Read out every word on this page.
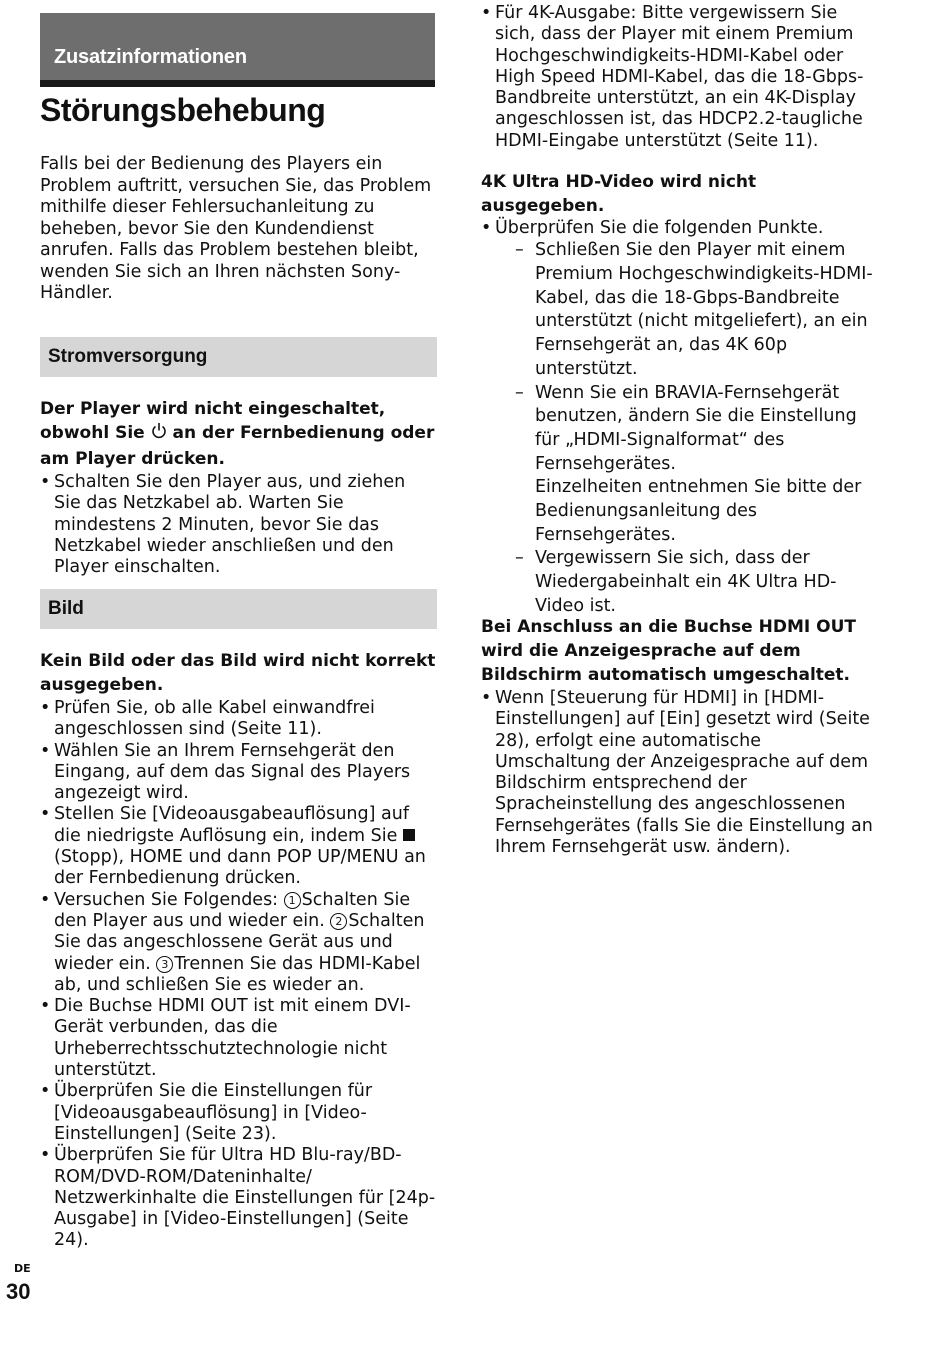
Zusatzinformationen
Störungsbehebung

Falls bei der Bedienung des Players ein Problem auftritt, versuchen Sie, das Problem mithilfe dieser Fehlersuchanleitung zu beheben, bevor Sie den Kundendienst anrufen. Falls das Problem bestehen bleibt, wenden Sie sich an Ihren nächsten Sony-Händler.

Stromversorgung

Der Player wird nicht eingeschaltet, obwohl Sie  an der Fernbedienung oder am Player drücken.

• Schalten Sie den Player aus, und ziehen Sie das Netzkabel ab. Warten Sie mindestens 2 Minuten, bevor Sie das Netzkabel wieder anschließen und den Player einschalten.
Bild

Kein Bild oder das Bild wird nicht korrekt ausgegeben.

• Prüfen Sie, ob alle Kabel einwandfrei angeschlossen sind (Seite 11).
• Wählen Sie an Ihrem Fernsehgerät den Eingang, auf dem das Signal des Players angezeigt wird.
• Stellen Sie [Videoausgabeauflösung] auf die niedrigste Auflösung ein, indem Sie (Stopp), HOME und dann POP UP/MENU an der Fernbedienung drücken.
• Versuchen Sie Folgendes: 1 Schalten Sie den Player aus und wieder ein. 2 Schalten Sie das angeschlossene Gerät aus und wieder ein. 3 Trennen Sie das HDMI-Kabel ab, und schließen Sie es wieder an.
• Die Buchse HDMI OUT ist mit einem DVI-Gerät verbunden, das die Urheberrechtsschutztechnologie nicht unterstützt.
• Überprüfen Sie die Einstellungen für [Videoausgabeauflösung] in [Video-Einstellungen] (Seite 23).
• Überprüfen Sie für Ultra HD Blu-ray/BD-ROM/DVD-ROM/Dateninhalte/ Netzwerkinhalte die Einstellungen für [24p-Ausgabe] in [Video-Einstellungen] (Seite 24).
• Für 4K-Ausgabe: Bitte vergewissern Sie sich, dass der Player mit einem Premium Hochgeschwindigkeits-HDMI-Kabel oder High Speed HDMI-Kabel, das die 18-Gbps-Bandbreite unterstützt, an ein 4K-Display angeschlossen ist, das HDCP2.2-taugliche HDMI-Eingabe unterstützt (Seite 11).

4K Ultra HD-Video wird nicht ausgegeben.

• Überprüfen Sie die folgenden Punkte.
– Schließen Sie den Player mit einem Premium Hochgeschwindigkeits-HDMI-Kabel, das die 18-Gbps-Bandbreite unterstützt (nicht mitgeliefert), an ein Fernsehgerät an, das 4K 60p unterstützt.
– Wenn Sie ein BRAVIA-Fernsehgerät benutzen, ändern Sie die Einstellung für „HDMI-Signalformat“ des Fernsehgerätes.
Einzelheiten entnehmen Sie bitte der Bedienungsanleitung des Fernsehgerätes.
– Vergewissern Sie sich, dass der Wiedergabeinhalt ein 4K Ultra HD-Video ist.

Bei Anschluss an die Buchse HDMI OUT wird die Anzeigesprache auf dem Bildschirm automatisch umgeschaltet.

• Wenn [Steuerung für HDMI] in [HDMI-Einstellungen] auf [Ein] gesetzt wird (Seite 28), erfolgt eine automatische Umschaltung der Anzeigesprache auf dem Bildschirm entsprechend der Spracheinstellung des angeschlossenen Fernsehgerätes (falls Sie die Einstellung an Ihrem Fernsehgerät usw. ändern).
DE
30
